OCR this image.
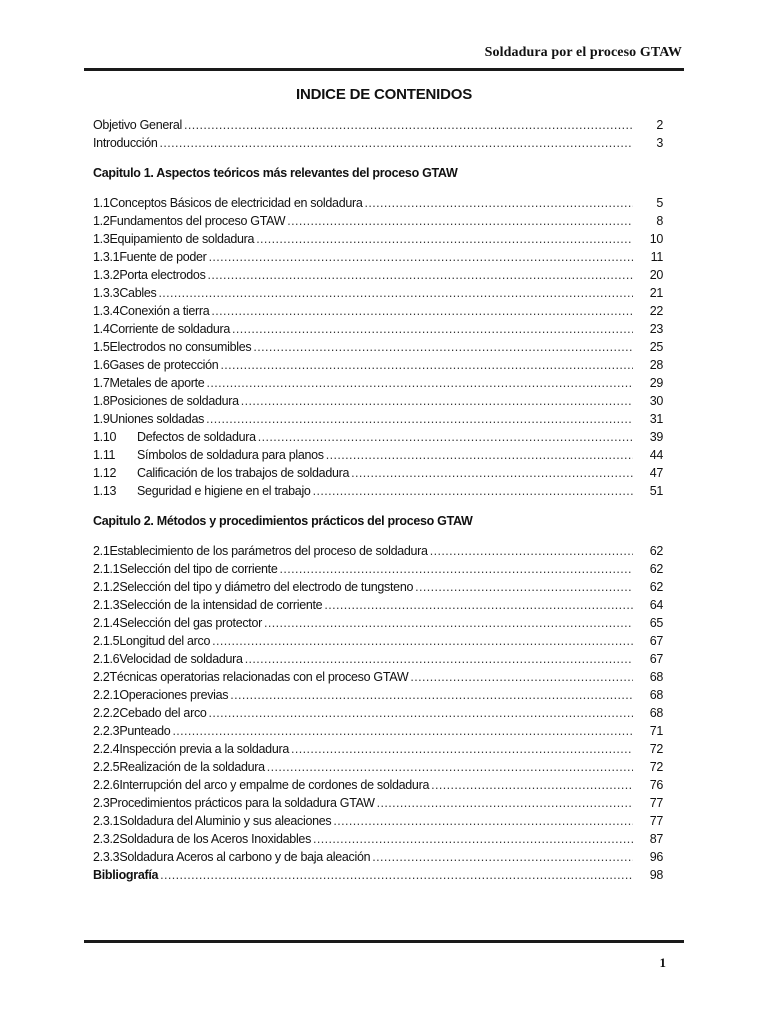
Soldadura por el proceso GTAW
INDICE DE CONTENIDOS
Objetivo General .....	2
Introducción .....	3
Capitulo 1. Aspectos teóricos más relevantes del proceso GTAW
1.1 Conceptos Básicos de electricidad en soldadura .....	5
1.2 Fundamentos del proceso GTAW .....	8
1.3 Equipamiento de soldadura .....	10
1.3.1 Fuente de poder .....	11
1.3.2 Porta electrodos .....	20
1.3.3 Cables .....	21
1.3.4 Conexión a tierra .....	22
1.4 Corriente de soldadura .....	23
1.5 Electrodos no consumibles .....	25
1.6 Gases de protección .....	28
1.7 Metales de aporte .....	29
1.8 Posiciones de soldadura .....	30
1.9 Uniones soldadas .....	31
1.10	Defectos de soldadura .....	39
1.11	Símbolos de soldadura para planos .....	44
1.12	Calificación de los trabajos de soldadura .....	47
1.13	Seguridad e higiene en el trabajo .....	51
Capitulo 2. Métodos y procedimientos prácticos del proceso GTAW
2.1 Establecimiento de los parámetros del proceso de soldadura .....	62
2.1.1 Selección del tipo de corriente .....	62
2.1.2 Selección del tipo y diámetro del electrodo de tungsteno .....	62
2.1.3 Selección de la intensidad de corriente .....	64
2.1.4 Selección del gas protector .....	65
2.1.5 Longitud del arco .....	67
2.1.6 Velocidad de soldadura .....	67
2.2 Técnicas operatorias relacionadas con el proceso GTAW .....	68
2.2.1 Operaciones previas .....	68
2.2.2 Cebado del arco .....	68
2.2.3 Punteado .....	71
2.2.4 Inspección previa a la soldadura .....	72
2.2.5 Realización de la soldadura .....	72
2.2.6 Interrupción del arco y empalme de cordones de soldadura .....	76
2.3 Procedimientos prácticos para la soldadura GTAW .....	77
2.3.1 Soldadura del Aluminio y sus aleaciones .....	77
2.3.2 Soldadura de los Aceros Inoxidables .....	87
2.3.3 Soldadura Aceros al carbono y de baja aleación .....	96
Bibliografía .....	98
1
